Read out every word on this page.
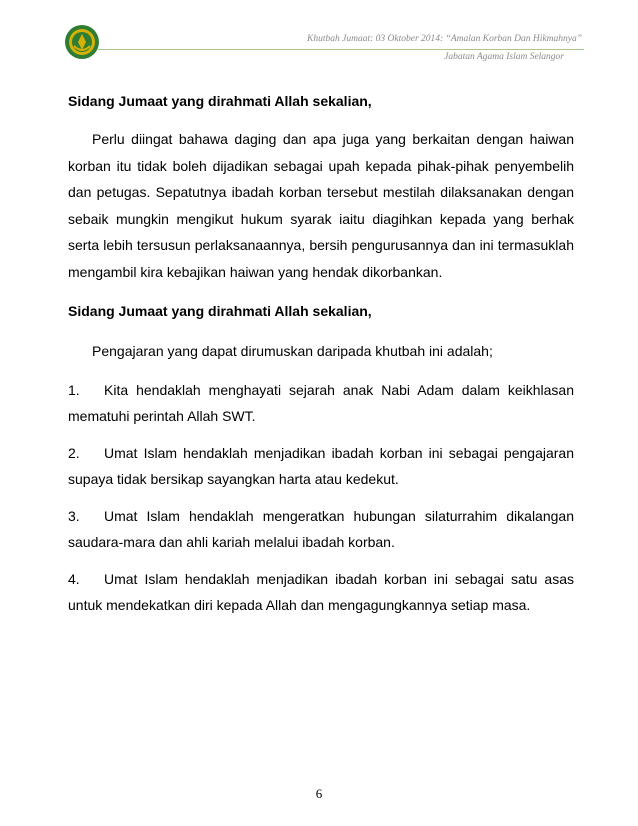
Khutbah Jumaat: 03 Oktober 2014: “Amalan Korban Dan Hikmahnya”
Jabatan Agama Islam Selangor

Sidang Jumaat yang dirahmati Allah sekalian,

Perlu diingat bahawa daging dan apa juga yang berkaitan dengan haiwan korban itu tidak boleh dijadikan sebagai upah kepada pihak-pihak penyembelih dan petugas. Sepatutnya ibadah korban tersebut mestilah dilaksanakan dengan sebaik mungkin mengikut hukum syarak iaitu diagihkan kepada yang berhak serta lebih tersusun perlaksanaannya, bersih pengurusannya dan ini termasuklah mengambil kira kebajikan haiwan yang hendak dikorbankan.

Sidang Jumaat yang dirahmati Allah sekalian,

Pengajaran yang dapat dirumuskan daripada khutbah ini adalah;

1. Kita hendaklah menghayati sejarah anak Nabi Adam dalam keikhlasan mematuhi perintah Allah SWT.

2. Umat Islam hendaklah menjadikan ibadah korban ini sebagai pengajaran supaya tidak bersikap sayangkan harta atau kedekut.

3. Umat Islam hendaklah mengeratkan hubungan silaturrahim dikalangan saudara-mara dan ahli kariah melalui ibadah korban.

4. Umat Islam hendaklah menjadikan ibadah korban ini sebagai satu asas untuk mendekatkan diri kepada Allah dan mengagungkannya setiap masa.

6
